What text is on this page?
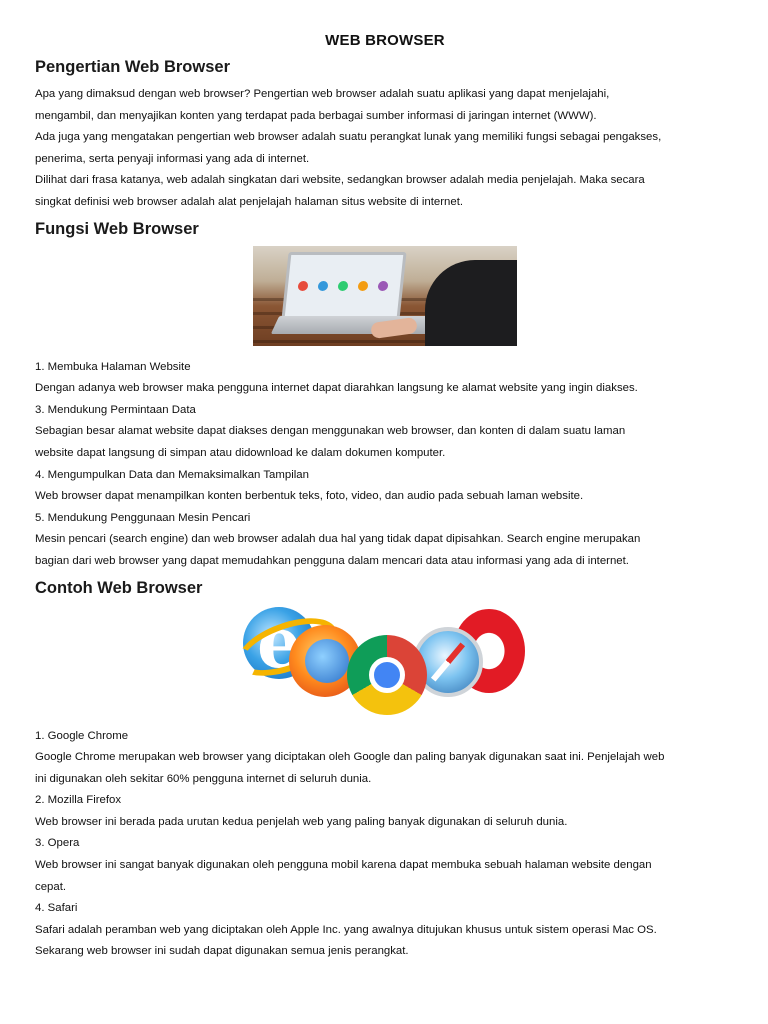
WEB BROWSER
Pengertian Web Browser

Apa yang dimaksud dengan web browser? Pengertian web browser adalah suatu aplikasi yang dapat menjelajahi,

mengambil, dan menyajikan konten yang terdapat pada berbagai sumber informasi di jaringan internet (WWW).

Ada juga yang mengatakan pengertian web browser adalah suatu perangkat lunak yang memiliki fungsi sebagai pengakses,

penerima, serta penyaji informasi yang ada di internet.

Dilihat dari frasa katanya, web adalah singkatan dari website, sedangkan browser adalah media penjelajah. Maka secara

singkat definisi web browser adalah alat penjelajah halaman situs website di internet.

Fungsi Web Browser

1. Membuka Halaman Website

Dengan adanya web browser maka pengguna internet dapat diarahkan langsung ke alamat website yang ingin diakses.

3. Mendukung Permintaan Data

Sebagian besar alamat website dapat diakses dengan menggunakan web browser, dan konten di dalam suatu laman

website dapat langsung di simpan atau didownload ke dalam dokumen komputer.

4. Mengumpulkan Data dan Memaksimalkan Tampilan

Web browser dapat menampilkan konten berbentuk teks, foto, video, dan audio pada sebuah laman website.

5. Mendukung Penggunaan Mesin Pencari

Mesin pencari (search engine) dan web browser adalah dua hal yang tidak dapat dipisahkan. Search engine merupakan

bagian dari web browser yang dapat memudahkan pengguna dalam mencari data atau informasi yang ada di internet.

Contoh Web Browser
e

1. Google Chrome

Google Chrome merupakan web browser yang diciptakan oleh Google dan paling banyak digunakan saat ini. Penjelajah web

ini digunakan oleh sekitar 60% pengguna internet di seluruh dunia.

2. Mozilla Firefox

Web browser ini berada pada urutan kedua penjelah web yang paling banyak digunakan di seluruh dunia.

3. Opera

Web browser ini sangat banyak digunakan oleh pengguna mobil karena dapat membuka sebuah halaman website dengan

cepat.

4. Safari

Safari adalah peramban web yang diciptakan oleh Apple Inc. yang awalnya ditujukan khusus untuk sistem operasi Mac OS.

Sekarang web browser ini sudah dapat digunakan semua jenis perangkat.
